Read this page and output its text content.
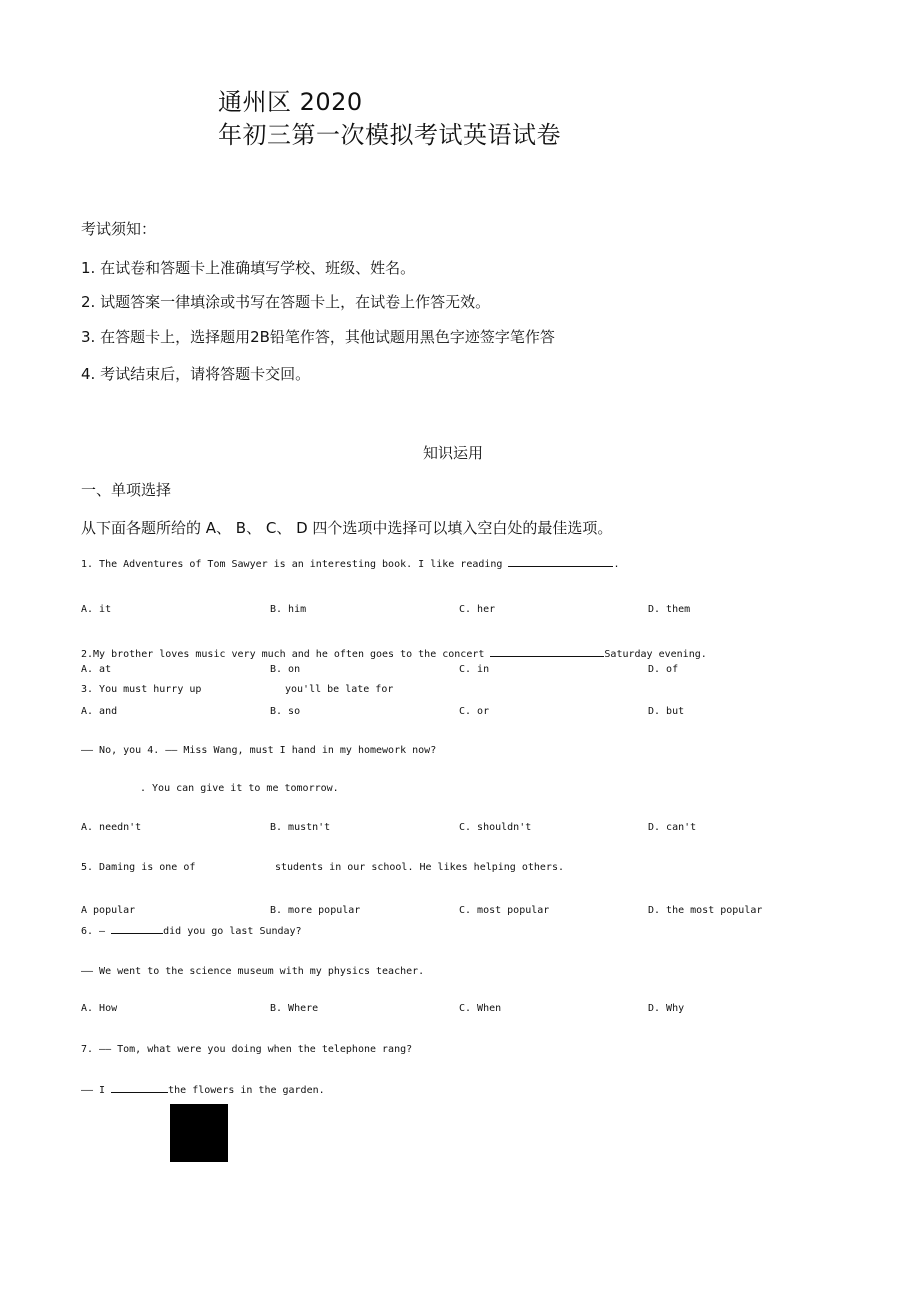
通州区 2020
年初三第一次模拟考试英语试卷
考试须知：
1. 在试卷和答题卡上准确填写学校、班级、姓名。
2. 试题答案一律填涂或书写在答题卡上，在试卷上作答无效。
3. 在答题卡上，选择题用2B铅笔作答，其他试题用黑色字迹签字笔作答
4. 考试结束后，请将答题卡交回。
知识运用
一、单项选择
从下面各题所给的 A、 B、 C、 D 四个选项中选择可以填入空白处的最佳选项。
1. The Adventures of Tom Sawyer is an interesting book. I like reading	.
A. it	B. him	C. her	D. them
2.My brother loves music very much and he often goes to the concert	Saturday evening.
A. at	B. on	C. in	D. of
3. You must hurry up	you'll be late for
A. and	B. so	C. or	D. but
—— No, you 4. —— Miss Wang, must I hand in my homework now?
. You can give it to me tomorrow.
A. needn't	B. mustn't	C. shouldn't	D. can't
5. Daming is one of	students in our school. He likes helping others.
A popular	B. more popular	C. most popular	D. the most popular
6. —	did you go last Sunday?
—— We went to the science museum with my physics teacher.
A. How	B. Where	C. When	D. Why
7. —— Tom, what were you doing when the telephone rang?
—— I	the flowers in the garden.
